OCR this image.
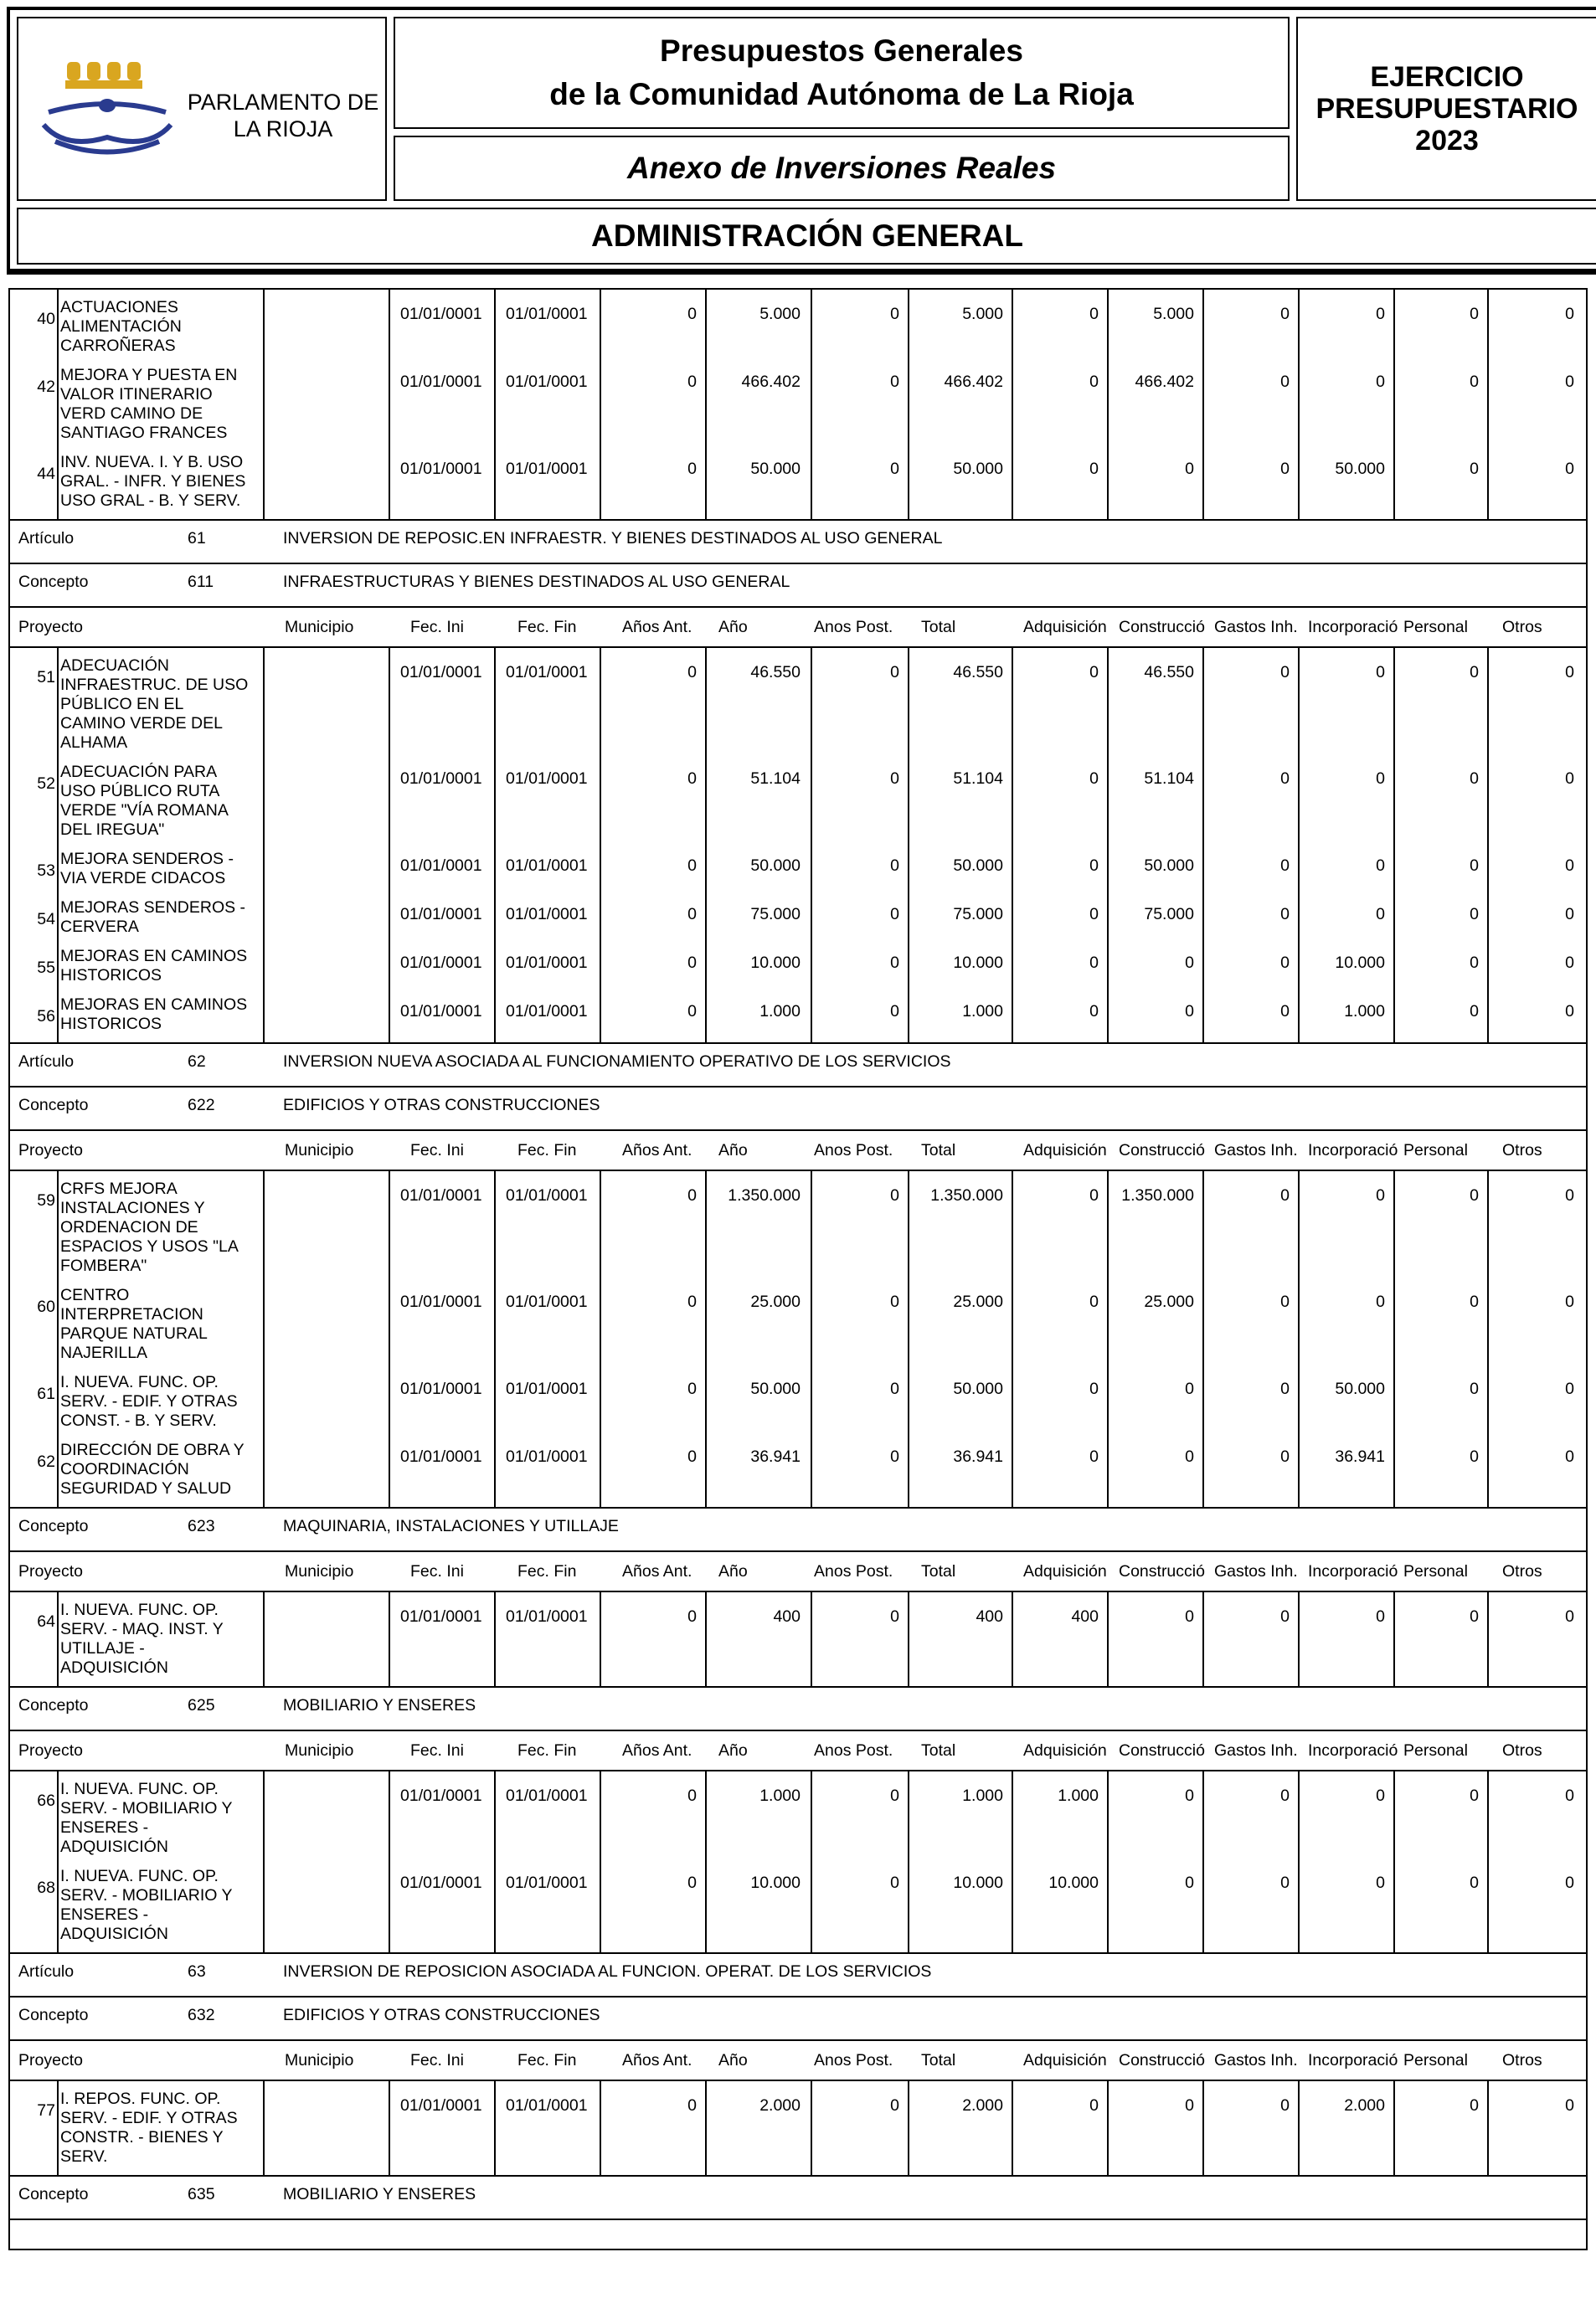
PARLAMENTO DE
LA RIOJA
Presupuestos Generales
de la Comunidad Autónoma de La Rioja
Anexo de Inversiones Reales
EJERCICIO
PRESUPUESTARIO
2023
ADMINISTRACIÓN GENERAL
40
ACTUACIONES
ALIMENTACIÓN
CARROÑERAS
01/01/0001 01/01/0001	0	5.000	0	5.000	0	5.000	0	0	0	0
42
MEJORA Y PUESTA EN
VALOR ITINERARIO
VERD CAMINO DE
SANTIAGO FRANCES
01/01/0001 01/01/0001	0	466.402	0	466.402	0	466.402	0	0	0	0
44
INV. NUEVA. I. Y B. USO
GRAL. - INFR. Y BIENES
USO GRAL - B. Y SERV.
01/01/0001 01/01/0001	0	50.000	0	50.000	0	0	0	50.000	0	0
Artículo	61	INVERSION DE REPOSIC.EN INFRAESTR. Y BIENES DESTINADOS AL USO GENERAL
Concepto	611	INFRAESTRUCTURAS Y BIENES DESTINADOS AL USO GENERAL
Proyecto	Municipio	Fec. Ini	Fec. Fin	Años Ant.	Año	Anos Post.	Total	Adquisición Construcció Gastos Inh. Incorporació Personal	Otros
51
ADECUACIÓN
INFRAESTRUC. DE USO
PÚBLICO EN EL
CAMINO VERDE DEL
ALHAMA
01/01/0001 01/01/0001	0	46.550	0	46.550	0	46.550	0	0	0	0
52
ADECUACIÓN PARA
USO PÚBLICO RUTA
VERDE "VÍA ROMANA
DEL IREGUA"
01/01/0001 01/01/0001	0	51.104	0	51.104	0	51.104	0	0	0	0
53
MEJORA SENDEROS -
VIA VERDE CIDACOS
01/01/0001 01/01/0001	0	50.000	0	50.000	0	50.000	0	0	0	0
54
MEJORAS SENDEROS -
CERVERA
01/01/0001 01/01/0001	0	75.000	0	75.000	0	75.000	0	0	0	0
55
MEJORAS EN CAMINOS
HISTORICOS
01/01/0001 01/01/0001	0	10.000	0	10.000	0	0	0	10.000	0	0
56
MEJORAS EN CAMINOS
HISTORICOS
01/01/0001 01/01/0001	0	1.000	0	1.000	0	0	0	1.000	0	0
Artículo	62	INVERSION NUEVA ASOCIADA AL FUNCIONAMIENTO OPERATIVO DE LOS SERVICIOS
Concepto	622	EDIFICIOS Y OTRAS CONSTRUCCIONES
Proyecto	Municipio	Fec. Ini	Fec. Fin	Años Ant.	Año	Anos Post.	Total	Adquisición Construcció Gastos Inh. Incorporació Personal	Otros
59
CRFS MEJORA
INSTALACIONES Y
ORDENACION DE
ESPACIOS Y USOS "LA
FOMBERA"
01/01/0001 01/01/0001	0	1.350.000	0	1.350.000	0	1.350.000	0	0	0	0
60
CENTRO
INTERPRETACION
PARQUE NATURAL
NAJERILLA
01/01/0001 01/01/0001	0	25.000	0	25.000	0	25.000	0	0	0	0
61
I. NUEVA. FUNC. OP.
SERV. - EDIF. Y OTRAS
CONST. - B. Y SERV.
01/01/0001 01/01/0001	0	50.000	0	50.000	0	0	0	50.000	0	0
62
DIRECCIÓN DE OBRA Y
COORDINACIÓN
SEGURIDAD Y SALUD
01/01/0001 01/01/0001	0	36.941	0	36.941	0	0	0	36.941	0	0
Concepto	623	MAQUINARIA, INSTALACIONES Y UTILLAJE
Proyecto	Municipio	Fec. Ini	Fec. Fin	Años Ant.	Año	Anos Post.	Total	Adquisición Construcció Gastos Inh. Incorporació Personal	Otros
64
I. NUEVA. FUNC. OP.
SERV. - MAQ. INST. Y
UTILLAJE -
ADQUISICIÓN
01/01/0001 01/01/0001	0	400	0	400	400	0	0	0	0	0
Concepto	625	MOBILIARIO Y ENSERES
Proyecto	Municipio	Fec. Ini	Fec. Fin	Años Ant.	Año	Anos Post.	Total	Adquisición Construcció Gastos Inh. Incorporació Personal	Otros
66
I. NUEVA. FUNC. OP.
SERV. - MOBILIARIO Y
ENSERES -
ADQUISICIÓN
01/01/0001 01/01/0001	0	1.000	0	1.000	1.000	0	0	0	0	0
68
I. NUEVA. FUNC. OP.
SERV. - MOBILIARIO Y
ENSERES -
ADQUISICIÓN
01/01/0001 01/01/0001	0	10.000	0	10.000	10.000	0	0	0	0	0
Artículo	63	INVERSION DE REPOSICION ASOCIADA AL FUNCION. OPERAT. DE LOS SERVICIOS
Concepto	632	EDIFICIOS Y OTRAS CONSTRUCCIONES
Proyecto	Municipio	Fec. Ini	Fec. Fin	Años Ant.	Año	Anos Post.	Total	Adquisición Construcció Gastos Inh. Incorporació Personal	Otros
77
I. REPOS. FUNC. OP.
SERV. - EDIF. Y OTRAS
CONSTR. - BIENES Y
SERV.
01/01/0001 01/01/0001	0	2.000	0	2.000	0	0	0	2.000	0	0
Concepto	635	MOBILIARIO Y ENSERES
